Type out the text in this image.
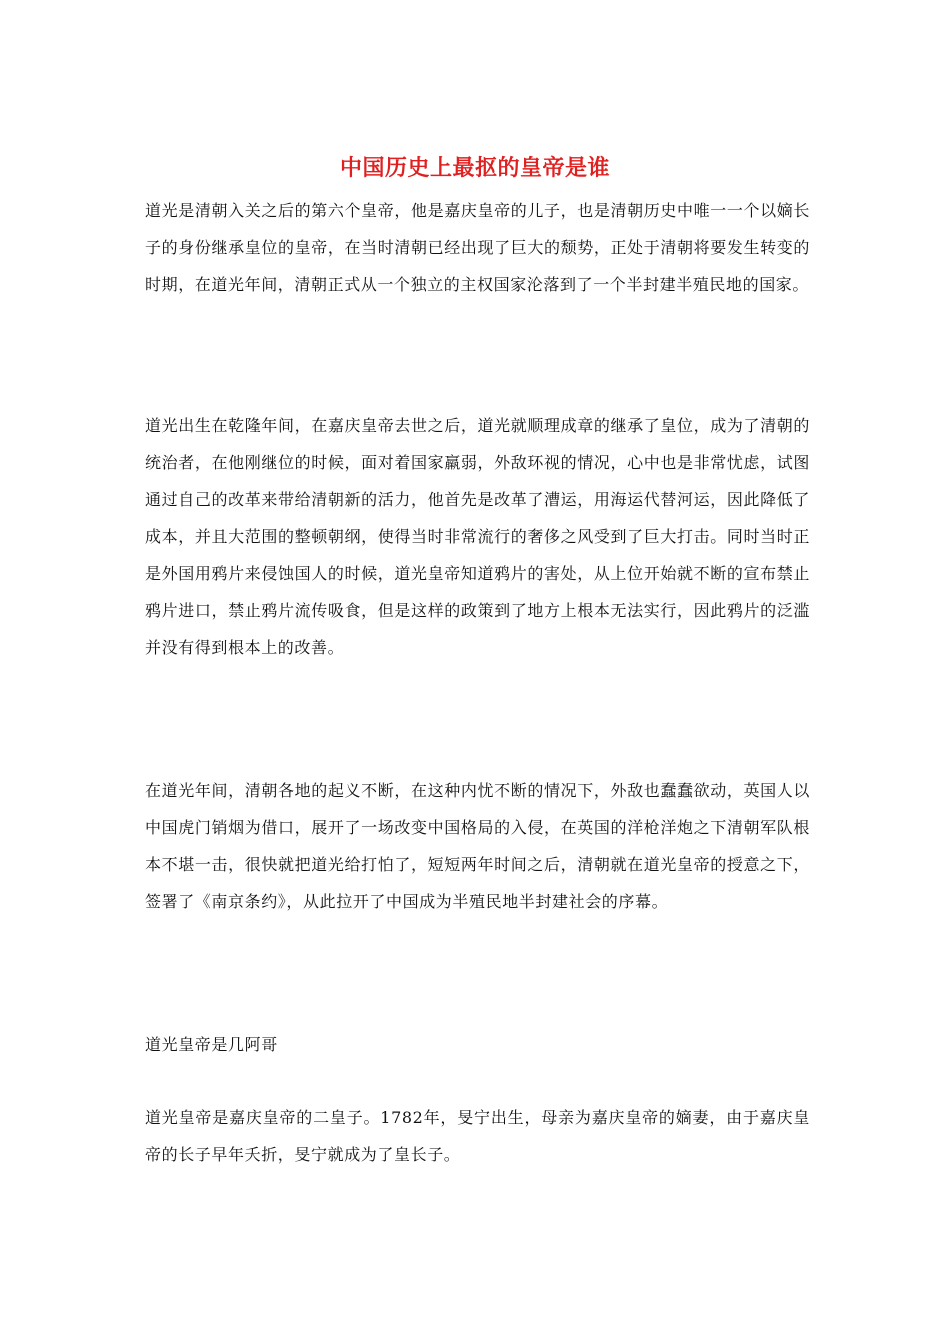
中国历史上最抠的皇帝是谁

道光是清朝入关之后的第六个皇帝，他是嘉庆皇帝的儿子，也是清朝历史中唯一一个以嫡长子的身份继承皇位的皇帝，在当时清朝已经出现了巨大的颓势，正处于清朝将要发生转变的时期，在道光年间，清朝正式从一个独立的主权国家沦落到了一个半封建半殖民地的国家。

道光出生在乾隆年间，在嘉庆皇帝去世之后，道光就顺理成章的继承了皇位，成为了清朝的统治者，在他刚继位的时候，面对着国家羸弱，外敌环视的情况，心中也是非常忧虑，试图通过自己的改革来带给清朝新的活力，他首先是改革了漕运，用海运代替河运，因此降低了成本，并且大范围的整顿朝纲，使得当时非常流行的奢侈之风受到了巨大打击。同时当时正是外国用鸦片来侵蚀国人的时候，道光皇帝知道鸦片的害处，从上位开始就不断的宣布禁止鸦片进口，禁止鸦片流传吸食，但是这样的政策到了地方上根本无法实行，因此鸦片的泛滥并没有得到根本上的改善。

在道光年间，清朝各地的起义不断，在这种内忧不断的情况下，外敌也蠢蠢欲动，英国人以中国虎门销烟为借口，展开了一场改变中国格局的入侵，在英国的洋枪洋炮之下清朝军队根本不堪一击，很快就把道光给打怕了，短短两年时间之后，清朝就在道光皇帝的授意之下，签署了《南京条约》，从此拉开了中国成为半殖民地半封建社会的序幕。

道光皇帝是几阿哥

道光皇帝是嘉庆皇帝的二皇子。1782年，旻宁出生，母亲为嘉庆皇帝的嫡妻，由于嘉庆皇帝的长子早年夭折，旻宁就成为了皇长子。
